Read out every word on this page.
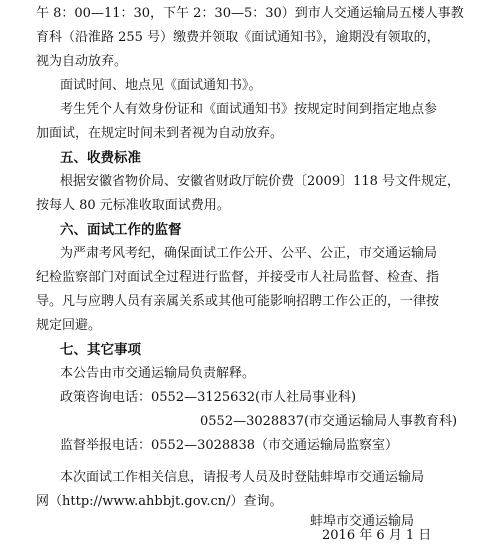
午 8：00—11：30，下午 2：30—5：30）到市人交通运输局五楼人事教
育科（沿淮路 255 号）缴费并领取《面试通知书》，逾期没有领取的，
视为自动放弃。
面试时间、地点见《面试通知书》。
考生凭个人有效身份证和《面试通知书》按规定时间到指定地点参
加面试，在规定时间未到者视为自动放弃。
五、收费标准
根据安徽省物价局、安徽省财政厅皖价费〔2009〕118 号文件规定，
按每人 80 元标准收取面试费用。
六、面试工作的监督
为严肃考风考纪，确保面试工作公开、公平、公正，市交通运输局
纪检监察部门对面试全过程进行监督，并接受市人社局监督、检查、指
导。凡与应聘人员有亲属关系或其他可能影响招聘工作公正的，一律按
规定回避。
七、其它事项
本公告由市交通运输局负责解释。
政策咨询电话：0552—3125632(市人社局事业科)
0552—3028837(市交通运输局人事教育科)
监督举报电话：0552—3028838（市交通运输局监察室）
本次面试工作相关信息，请报考人员及时登陆蚌埠市交通运输局
网（http://www.ahbbjt.gov.cn/）查询。
蚌埠市交通运输局
2016 年 6 月 1 日
